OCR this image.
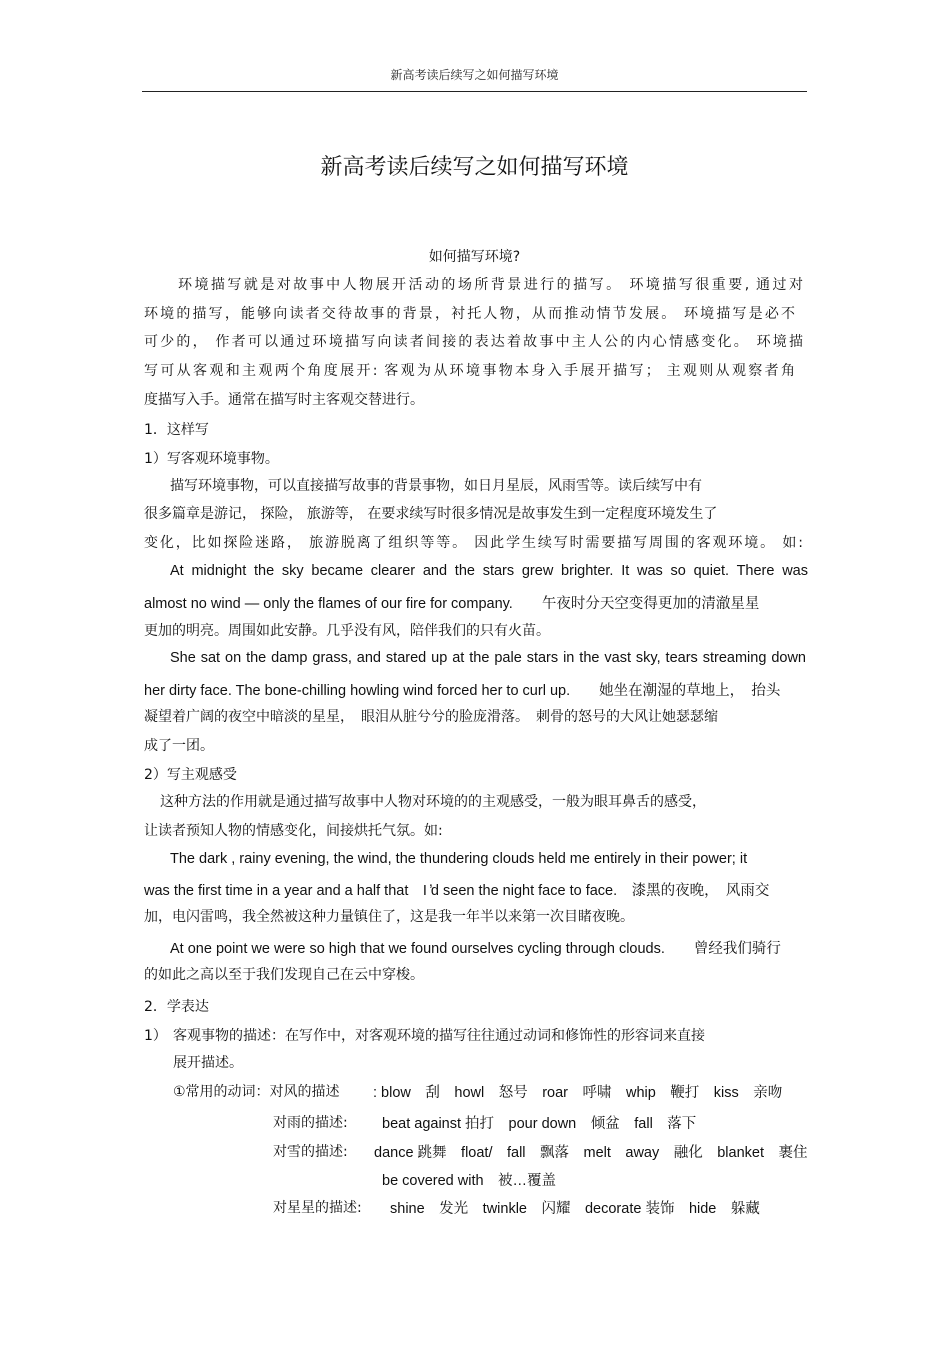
新高考读后续写之如何描写环境
新高考读后续写之如何描写环境
如何描写环境?
环境描写就是对故事中人物展开活动的场所背景进行的描写。 环境描写很重要, 通过对
环境的描写，能够向读者交待故事的背景，衬托人物，从而推动情节发展。 环境描写是必不
可少的， 作者可以通过环境描写向读者间接的表达着故事中主人公的内心情感变化。 环境描
写可从客观和主观两个角度展开: 客观为从环境事物本身入手展开描写； 主观则从观察者角
度描写入手。通常在描写时主客观交替进行。
1．这样写
1）写客观环境事物。
描写环境事物，可以直接描写故事的背景事物，如日月星辰，风雨雪等。读后续写中有
很多篇章是游记， 探险， 旅游等， 在要求续写时很多情况是故事发生到一定程度环境发生了
变化，比如探险迷路， 旅游脱离了组织等等。 因此学生续写时需要描写周围的客观环境。 如:
At midnight the sky became clearer and the stars grew brighter. It was so quiet. There was
almost no wind — only the flames of our fire for company.　　午夜时分天空变得更加的清澈星星
更加的明亮。周围如此安静。几乎没有风，陪伴我们的只有火苗。
She sat on the damp grass, and stared up at the pale stars in the vast sky, tears streaming down
her dirty face. The bone-chilling howling wind forced her to curl up.　　她坐在潮湿的草地上，　抬头
凝望着广阔的夜空中暗淡的星星，　眼泪从脏兮兮的脸庞滑落。　刺骨的怒号的大风让她瑟瑟缩
成了一团。
2）写主观感受
这种方法的作用就是通过描写故事中人物对环境的的主观感受，一般为眼耳鼻舌的感受，
让读者预知人物的情感变化，间接烘托气氛。如:
The dark , rainy evening, the wind, the thundering clouds held me entirely in their power; it
was the first time in a year and a half that　I ̓d seen the night face to face.　漆黑的夜晚，　风雨交
加，电闪雷鸣，我全然被这种力量镇住了，这是我一年半以来第一次目睹夜晚。
At one point we were so high that we found ourselves cycling through clouds.　　曾经我们骑行
的如此之高以至于我们发现自己在云中穿梭。
2．学表达
1） 客观事物的描述：在写作中，对客观环境的描写往往通过动词和修饰性的形容词来直接
展开描述。
①常用的动词：对风的描述 : blow　刮　howl　怒号　roar　呼啸　whip　鞭打　kiss　亲吻
对雨的描述: beat against 拍打　pour down　倾盆　fall　落下
对雪的描述: dance 跳舞　float/　fall　飘落　melt　away　融化　blanket　裹住
be covered with　被…覆盖
对星星的描述: shine　发光　twinkle　闪耀　decorate 装饰　hide　躲藏
